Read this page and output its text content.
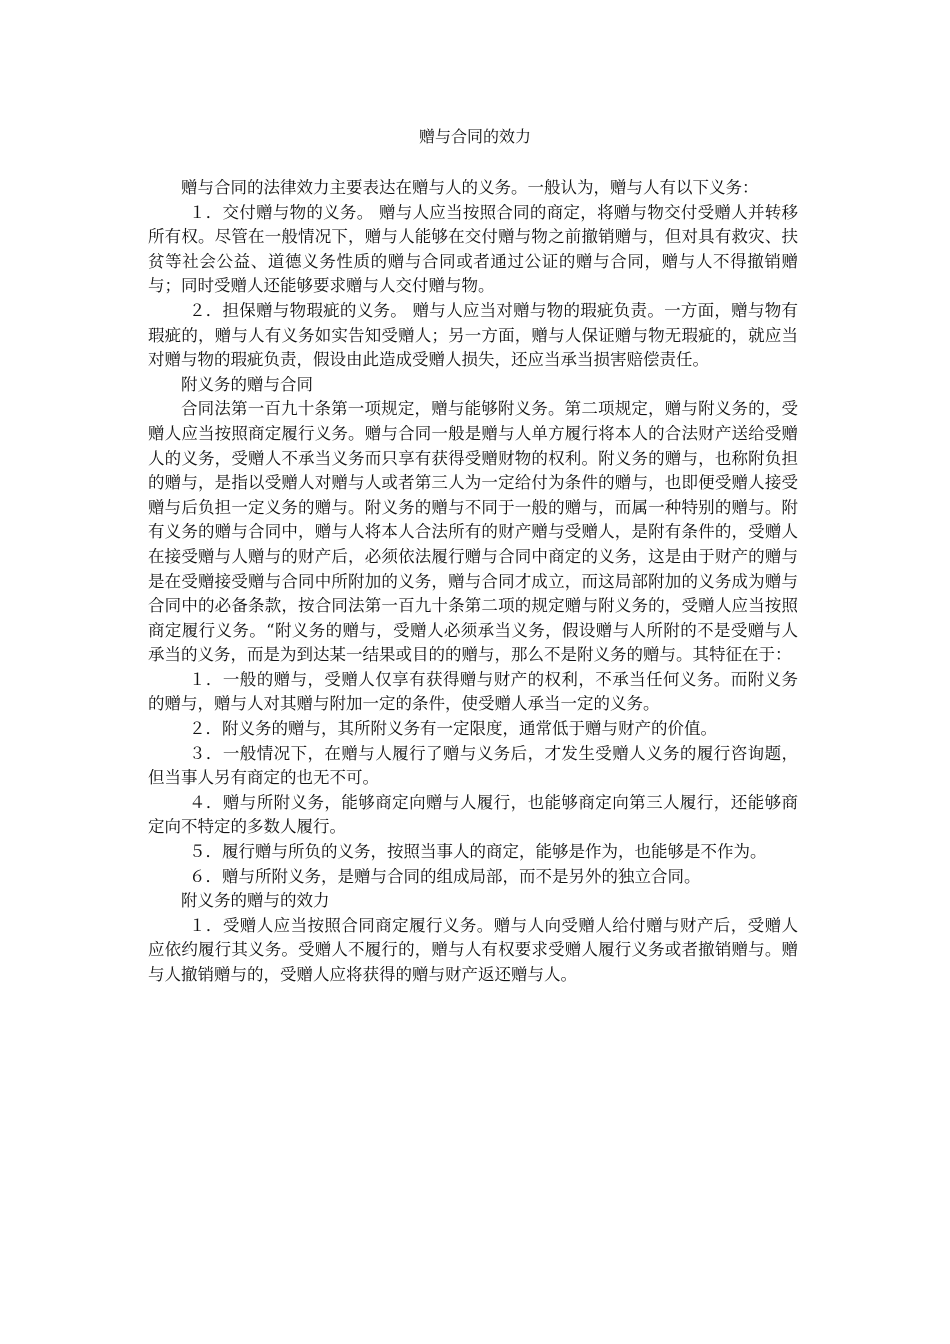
赠与合同的效力

赠与合同的法律效力主要表达在赠与人的义务。一般认为，赠与人有以下义务：

１．交付赠与物的义务。 赠与人应当按照合同的商定，将赠与物交付受赠人并转移所有权。尽管在一般情况下，赠与人能够在交付赠与物之前撤销赠与，但对具有救灾、扶贫等社会公益、道德义务性质的赠与合同或者通过公证的赠与合同，赠与人不得撤销赠与；同时受赠人还能够要求赠与人交付赠与物。

２．担保赠与物瑕疵的义务。 赠与人应当对赠与物的瑕疵负责。一方面，赠与物有瑕疵的，赠与人有义务如实告知受赠人；另一方面，赠与人保证赠与物无瑕疵的，就应当对赠与物的瑕疵负责，假设由此造成受赠人损失，还应当承当损害赔偿责任。

附义务的赠与合同

合同法第一百九十条第一项规定，赠与能够附义务。第二项规定，赠与附义务的，受赠人应当按照商定履行义务。赠与合同一般是赠与人单方履行将本人的合法财产送给受赠人的义务，受赠人不承当义务而只享有获得受赠财物的权利。附义务的赠与，也称附负担的赠与，是指以受赠人对赠与人或者第三人为一定给付为条件的赠与，也即便受赠人接受赠与后负担一定义务的赠与。附义务的赠与不同于一般的赠与，而属一种特别的赠与。附有义务的赠与合同中，赠与人将本人合法所有的财产赠与受赠人，是附有条件的，受赠人在接受赠与人赠与的财产后，必须依法履行赠与合同中商定的义务，这是由于财产的赠与是在受赠接受赠与合同中所附加的义务，赠与合同才成立，而这局部附加的义务成为赠与合同中的必备条款，按合同法第一百九十条第二项的规定赠与附义务的，受赠人应当按照商定履行义务。“附义务的赠与，受赠人必须承当义务，假设赠与人所附的不是受赠与人承当的义务，而是为到达某一结果或目的的赠与，那么不是附义务的赠与。其特征在于：

１．一般的赠与，受赠人仅享有获得赠与财产的权利，不承当任何义务。而附义务的赠与，赠与人对其赠与附加一定的条件，使受赠人承当一定的义务。

２．附义务的赠与，其所附义务有一定限度，通常低于赠与财产的价值。

３．一般情况下，在赠与人履行了赠与义务后，才发生受赠人义务的履行咨询题，但当事人另有商定的也无不可。

４．赠与所附义务，能够商定向赠与人履行，也能够商定向第三人履行，还能够商定向不特定的多数人履行。

５．履行赠与所负的义务，按照当事人的商定，能够是作为，也能够是不作为。

６．赠与所附义务，是赠与合同的组成局部，而不是另外的独立合同。

附义务的赠与的效力

１．受赠人应当按照合同商定履行义务。赠与人向受赠人给付赠与财产后，受赠人应依约履行其义务。受赠人不履行的，赠与人有权要求受赠人履行义务或者撤销赠与。赠与人撤销赠与的，受赠人应将获得的赠与财产返还赠与人。
